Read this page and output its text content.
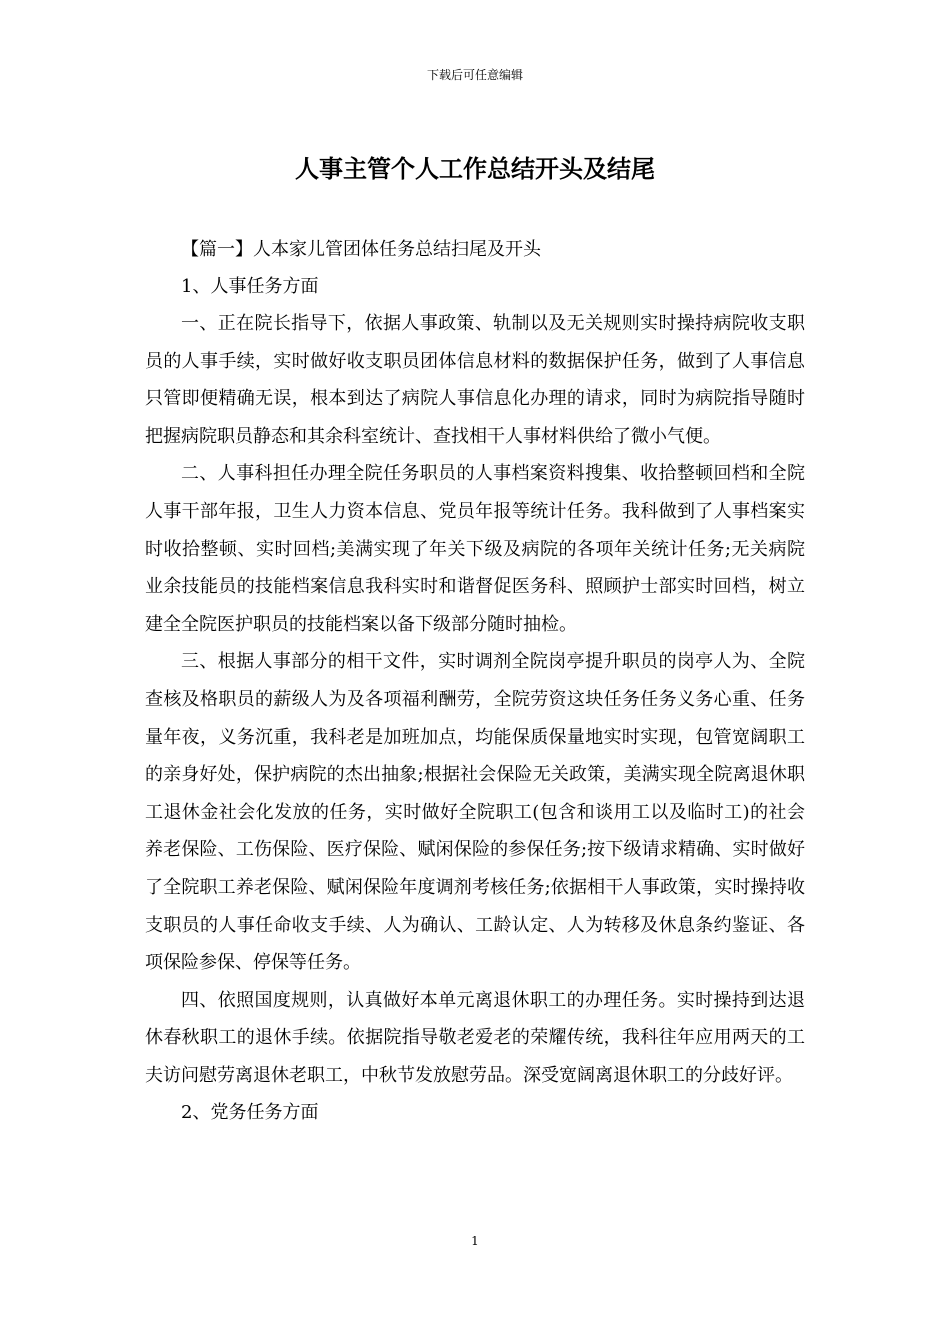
下载后可任意编辑
人事主管个人工作总结开头及结尾

【篇一】人本家儿管团体任务总结扫尾及开头

1、人事任务方面

一、正在院长指导下，依据人事政策、轨制以及无关规则实时操持病院收支职员的人事手续，实时做好收支职员团体信息材料的数据保护任务，做到了人事信息只管即便精确无误，根本到达了病院人事信息化办理的请求，同时为病院指导随时把握病院职员静态和其余科室统计、查找相干人事材料供给了微小气便。

二、人事科担任办理全院任务职员的人事档案资料搜集、收拾整顿回档和全院人事干部年报，卫生人力资本信息、党员年报等统计任务。我科做到了人事档案实时收拾整顿、实时回档;美满实现了年关下级及病院的各项年关统计任务;无关病院业余技能员的技能档案信息我科实时和谐督促医务科、照顾护士部实时回档，树立建全全院医护职员的技能档案以备下级部分随时抽检。

三、根据人事部分的相干文件，实时调剂全院岗亭提升职员的岗亭人为、全院查核及格职员的薪级人为及各项福利酬劳，全院劳资这块任务任务义务心重、任务量年夜，义务沉重，我科老是加班加点，均能保质保量地实时实现，包管宽阔职工的亲身好处，保护病院的杰出抽象;根据社会保险无关政策，美满实现全院离退休职工退休金社会化发放的任务，实时做好全院职工(包含和谈用工以及临时工)的社会养老保险、工伤保险、医疗保险、赋闲保险的参保任务;按下级请求精确、实时做好了全院职工养老保险、赋闲保险年度调剂考核任务;依据相干人事政策，实时操持收支职员的人事任命收支手续、人为确认、工龄认定、人为转移及休息条约鉴证、各项保险参保、停保等任务。

四、依照国度规则，认真做好本单元离退休职工的办理任务。实时操持到达退休春秋职工的退休手续。依据院指导敬老爱老的荣耀传统，我科往年应用两天的工夫访问慰劳离退休老职工，中秋节发放慰劳品。深受宽阔离退休职工的分歧好评。

2、党务任务方面

1
